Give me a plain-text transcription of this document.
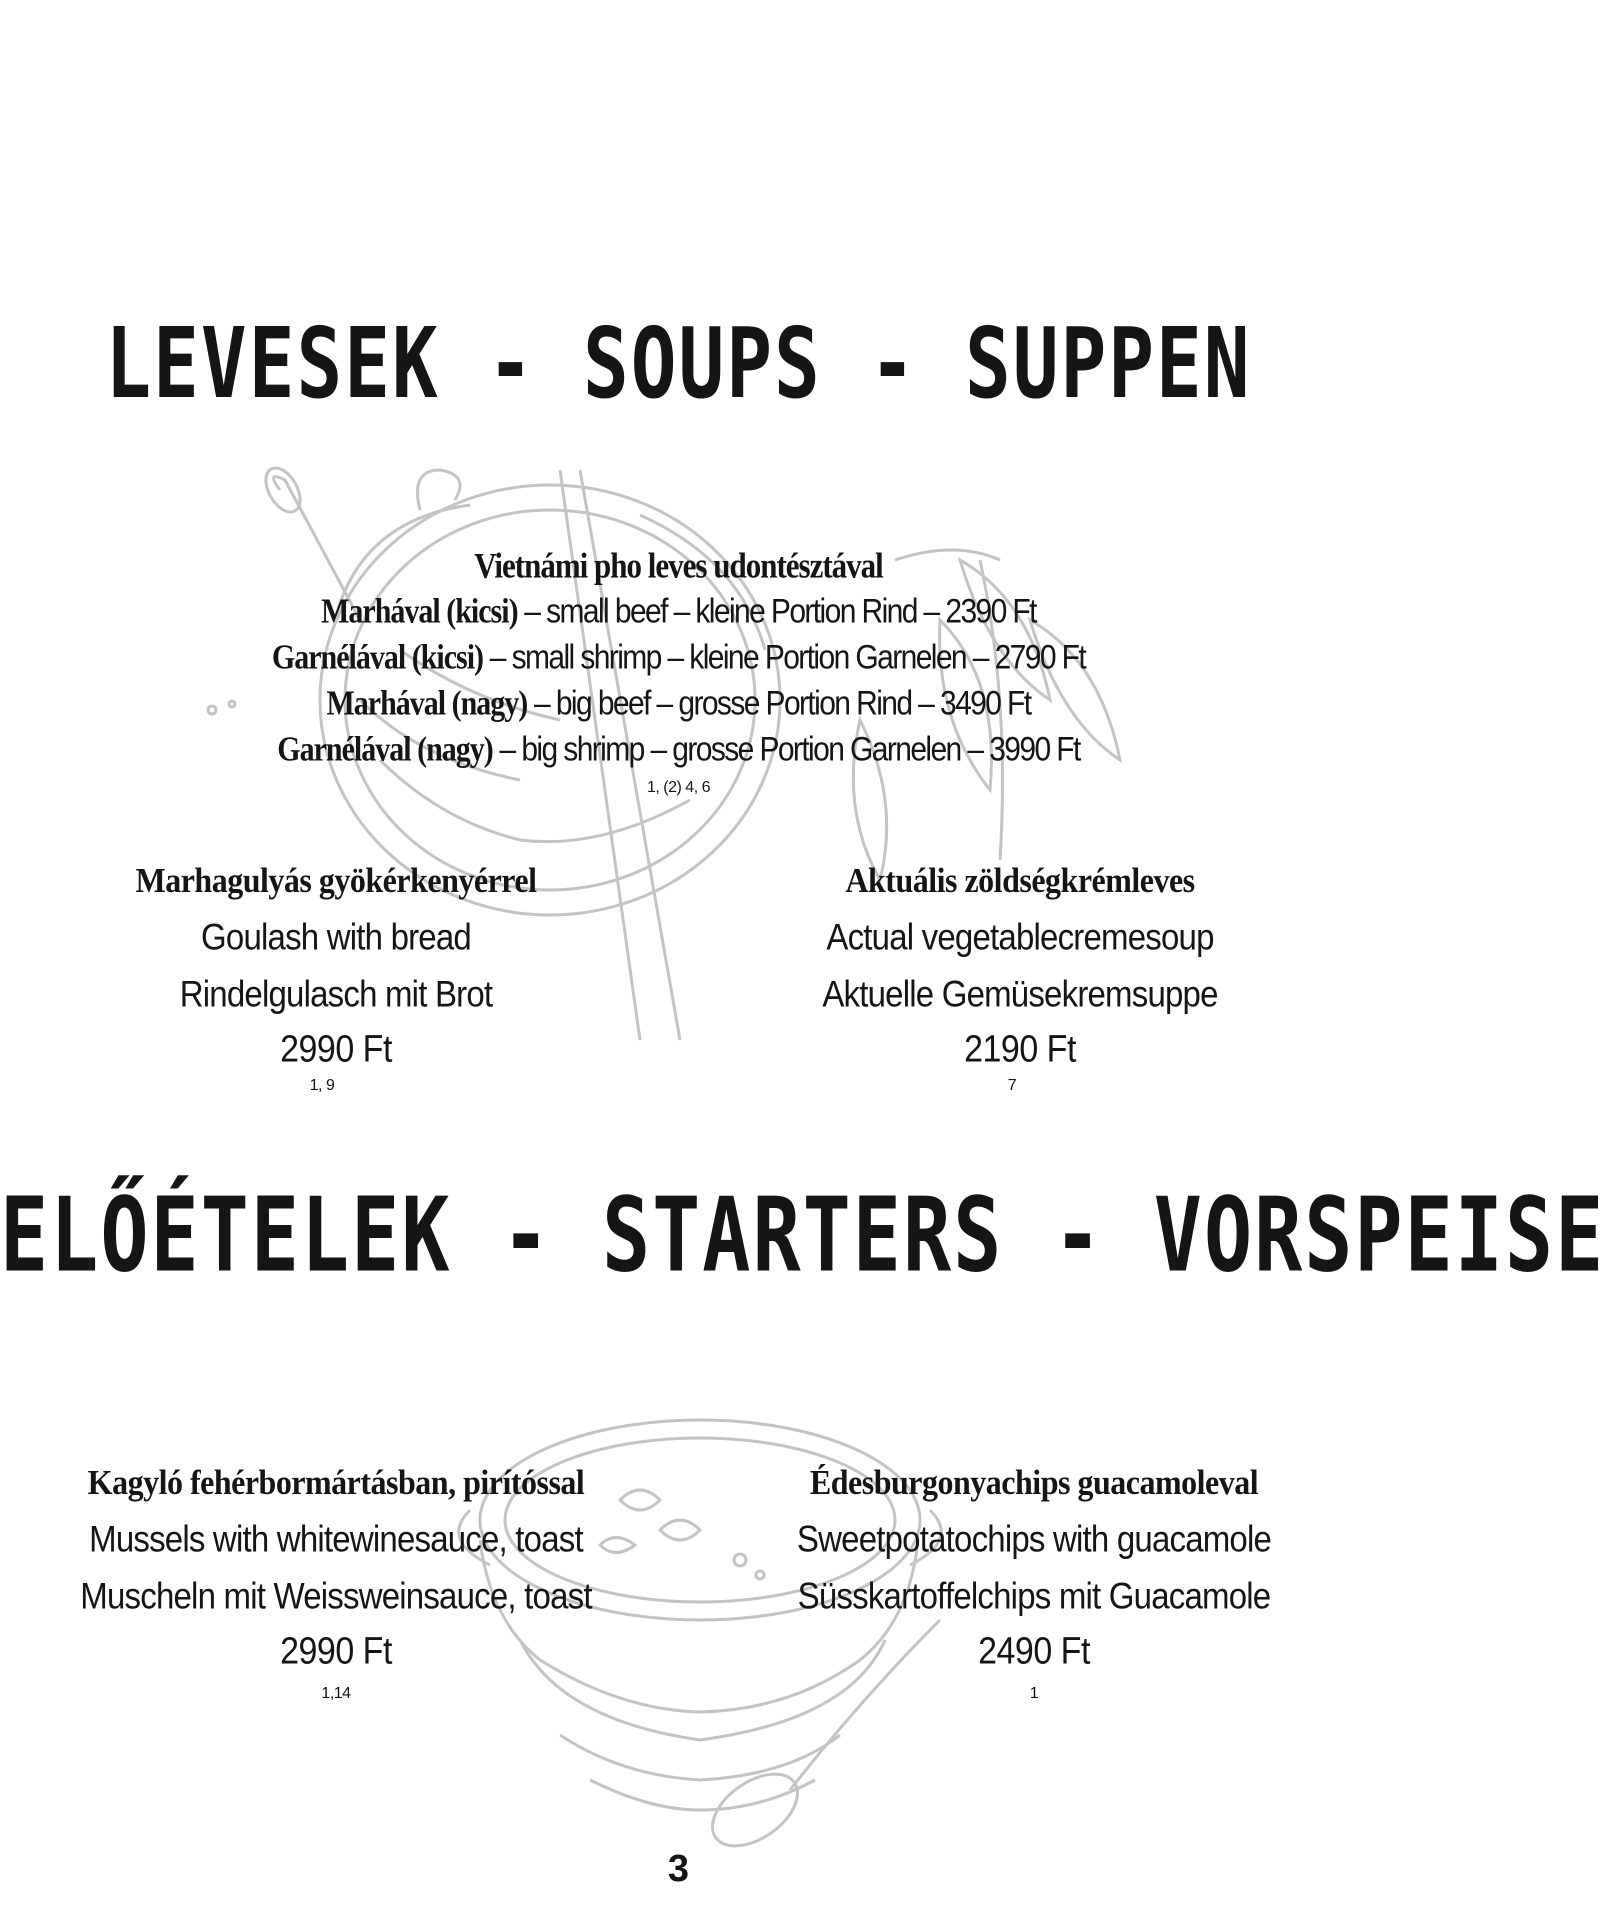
LEVESEK - SOUPS - SUPPEN
Vietnámi pho leves udontésztával
Marhával (kicsi) – small beef – kleine Portion Rind – 2390 Ft
Garnélával (kicsi) – small shrimp – kleine Portion Garnelen – 2790 Ft
Marhával (nagy) – big beef – grosse Portion Rind – 3490 Ft
Garnélával (nagy) – big shrimp – grosse Portion Garnelen – 3990 Ft
1, (2) 4, 6
Marhagulyás gyökérkenyérrel
Goulash with bread
Rindelgulasch mit Brot
2990 Ft
1, 9
Aktuális zöldségkrémleves
Actual vegetablecremesoup
Aktuelle Gemüsekremsuppe
2190 Ft
7
ELŐÉTELEK - STARTERS - VORSPEISE
Kagyló fehérbormártásban, pirítóssal
Mussels with whitewinesauce, toast
Muscheln mit Weissweinsauce, toast
2990 Ft
1,14
Édesburgonyachips guacamoleval
Sweetpotatochips with guacamole
Süsskartoffelchips mit Guacamole
2490 Ft
1
3
